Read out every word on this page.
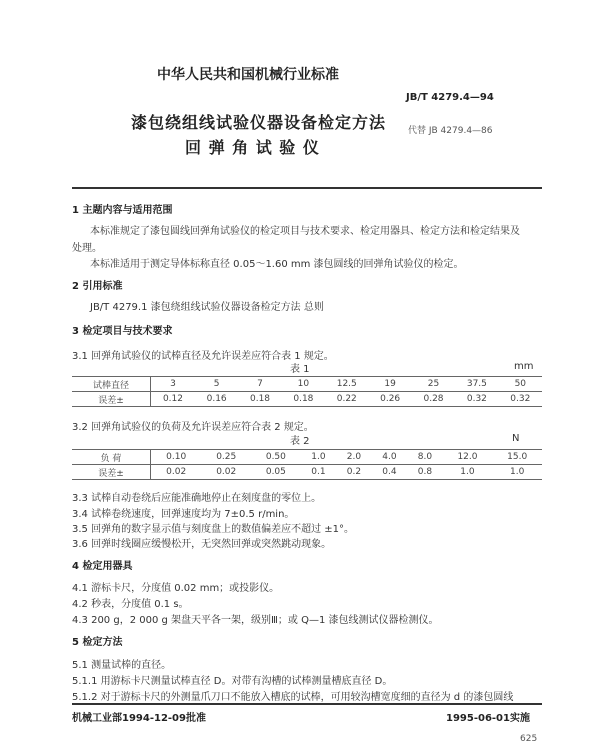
中华人民共和国机械行业标准
JB/T 4279.4—94
漆包绕组线试验仪器设备检定方法 代替 JB 4279.4—86
回 弹 角 试 验 仪
1 主题内容与适用范围
本标准规定了漆包圆线回弹角试验仪的检定项目与技术要求、检定用器具、检定方法和检定结果及
处理。
本标准适用于测定导体标称直径 0.05～1.60 mm 漆包圆线的回弹角试验仪的检定。
2 引用标准
JB/T 4279.1 漆包绕组线试验仪器设备检定方法 总则
3 检定项目与技术要求
3.1 回弹角试验仪的试棒直径及允许误差应符合表 1 规定。
表 1	mm
试棒直径	3	5	7	10	12.5	19	25	37.5	50
误差±	0.12	0.16	0.18	0.18	0.22	0.26	0.28	0.32	0.32
3.2 回弹角试验仪的负荷及允许误差应符合表 2 规定。
表 2	N
负 荷	0.10	0.25	0.50	1.0	2.0	4.0	8.0	12.0	15.0
误差±	0.02	0.02	0.05	0.1	0.2	0.4	0.8	1.0	1.0
3.3 试棒自动卷绕后应能准确地停止在刻度盘的零位上。
3.4 试棒卷绕速度，回弹速度均为 7±0.5 r/min。
3.5 回弹角的数字显示值与刻度盘上的数值偏差应不超过 ±1°。
3.6 回弹时线圈应缓慢松开，无突然回弹或突然跳动现象。
4 检定用器具
4.1 游标卡尺，分度值 0.02 mm；或投影仪。
4.2 秒表，分度值 0.1 s。
4.3 200 g，2 000 g 架盘天平各一架，级别Ⅲ；或 Q—1 漆包线测试仪器检测仪。
5 检定方法
5.1 测量试棒的直径。
5.1.1 用游标卡尺测量试棒直径 D。对带有沟槽的试棒测量槽底直径 D。
5.1.2 对于游标卡尺的外测量爪刀口不能放入槽底的试棒，可用较沟槽宽度细的直径为 d 的漆包圆线
机械工业部1994-12-09批准	1995-06-01实施
625
